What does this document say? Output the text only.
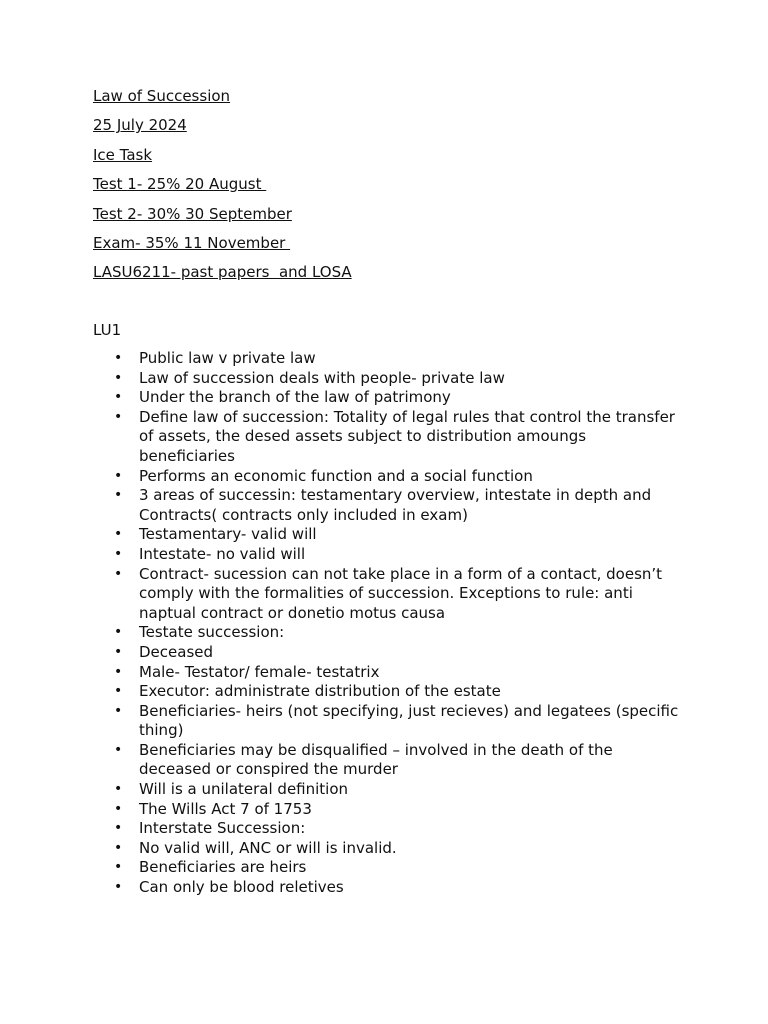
Law of Succession
25 July 2024
Ice Task
Test 1- 25% 20 August
Test 2- 30% 30 September
Exam- 35% 11 November
LASU6211- past papers  and LOSA
LU1
• Public law v private law
• Law of succession deals with people- private law
• Under the branch of the law of patrimony
• Define law of succession: Totality of legal rules that control the transfer of assets, the desed assets subject to distribution amoungs beneficiaries
• Performs an economic function and a social function
• 3 areas of successin: testamentary overview, intestate in depth and Contracts( contracts only included in exam)
• Testamentary- valid will
• Intestate- no valid will
• Contract- sucession can not take place in a form of a contact, doesn’t comply with the formalities of succession. Exceptions to rule: anti naptual contract or donetio motus causa
• Testate succession:
• Deceased
• Male- Testator/ female- testatrix
• Executor: administrate distribution of the estate
• Beneficiaries- heirs (not specifying, just recieves) and legatees (specific thing)
• Beneficiaries may be disqualified – involved in the death of the deceased or conspired the murder
• Will is a unilateral definition
• The Wills Act 7 of 1753
• Interstate Succession:
• No valid will, ANC or will is invalid.
• Beneficiaries are heirs
• Can only be blood reletives
